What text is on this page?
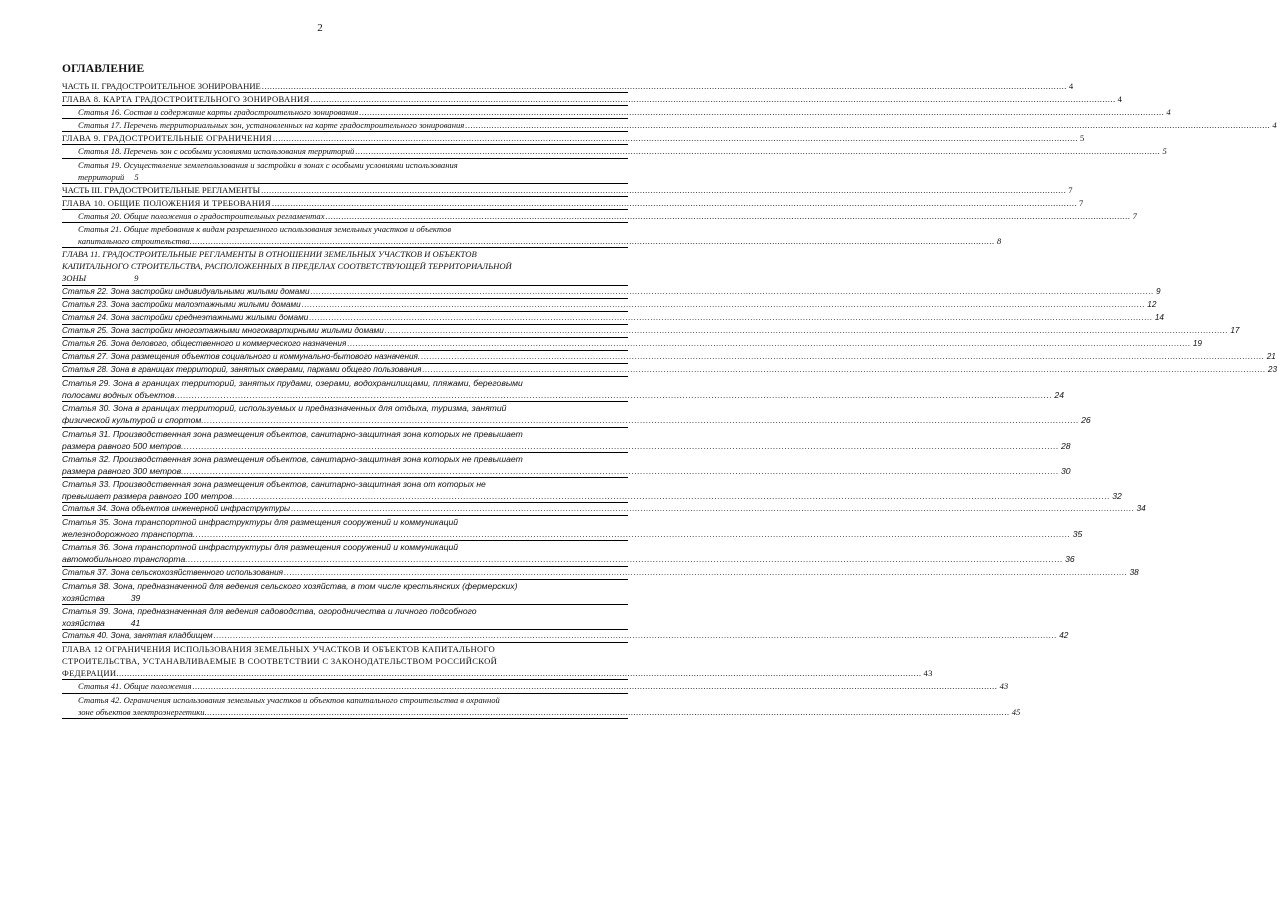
2
ОГЛАВЛЕНИЕ
ЧАСТЬ II. ГРАДОСТРОИТЕЛЬНОЕ ЗОНИРОВАНИЕ .....	4
ГЛАВА 8. КАРТА ГРАДОСТРОИТЕЛЬНОГО ЗОНИРОВАНИЯ .....	4
Статья 16. Состав и содержание карты градостроительного зонирования .....	4
Статья 17. Перечень территориальных зон, установленных на карте градостроительного зонирования .....	4
ГЛАВА 9. ГРАДОСТРОИТЕЛЬНЫЕ ОГРАНИЧЕНИЯ .....	5
Статья 18. Перечень зон с особыми условиями использования территорий .....	5
Статья 19. Осуществление землепользования и застройки в зонах с особыми условиями использования
территорий 5
ЧАСТЬ III. ГРАДОСТРОИТЕЛЬНЫЕ РЕГЛАМЕНТЫ .....	7
ГЛАВА 10. ОБЩИЕ ПОЛОЖЕНИЯ И ТРЕБОВАНИЯ .....	7
Статья 20. Общие положения о градостроительных регламентах .....	7
Статья 21. Общие требования к видам разрешенного использования земельных участков и объектов
капитального строительства .....	8
ГЛАВА 11. ГРАДОСТРОИТЕЛЬНЫЕ РЕГЛАМЕНТЫ В ОТНОШЕНИИ ЗЕМЕЛЬНЫХ УЧАСТКОВ И ОБЪЕКТОВ
КАПИТАЛЬНОГО СТРОИТЕЛЬСТВА, РАСПОЛОЖЕННЫХ В ПРЕДЕЛАХ СООТВЕТСТВУЮЩЕЙ ТЕРРИТОРИАЛЬНОЙ
ЗОНЫ	9
Статья 22. Зона застройки индивидуальными жилыми домами .....	9
Статья 23. Зона застройки малоэтажными жилыми домами .....	12
Статья 24. Зона застройки среднеэтажными жилыми домами .....	14
Статья 25. Зона застройки многоэтажными многоквартирными жилыми домами .....	17
Статья 26. Зона делового, общественного и коммерческого назначения .....	19
Статья 27. Зона размещения объектов социального и коммунально-бытового назначения. .....	21
Статья 28. Зона в границах территорий, занятых скверами, парками общего пользования .....	23
Статья 29. Зона в границах территорий, занятых прудами, озерами, водохранилищами, пляжами, береговыми
полосами водных объектов .....	24
Статья 30. Зона в границах территорий, используемых и предназначенных для отдыха, туризма, занятий
физической культурой и спортом .....	26
Статья 31. Производственная зона размещения объектов, санитарно-защитная зона которых не превышает
размера равного 500 метров .....	28
Статья 32. Производственная зона размещения объектов, санитарно-защитная зона которых не превышает
размера равного 300 метров .....	30
Статья 33. Производственная зона размещения объектов, санитарно-защитная зона от которых не
превышает размера равного 100 метров .....	32
Статья 34. Зона объектов инженерной инфраструктуры .....	34
Статья 35. Зона транспортной инфраструктуры для размещения сооружений и коммуникаций
железнодорожного транспорта .....	35
Статья 36. Зона транспортной инфраструктуры для размещения сооружений и коммуникаций
автомобильного транспорта .....	36
Статья 37. Зона сельскохозяйственного использования .....	38
Статья 38. Зона, предназначенной для ведения сельского хозяйства, в том числе крестьянских (фермерских)
хозяйства	39
Статья 39. Зона, предназначенная для ведения садоводства, огородничества и личного подсобного
хозяйства	41
Статья 40. Зона, занятая кладбищем .....	42
ГЛАВА 12 ОГРАНИЧЕНИЯ ИСПОЛЬЗОВАНИЯ ЗЕМЕЛЬНЫХ УЧАСТКОВ И ОБЪЕКТОВ КАПИТАЛЬНОГО
СТРОИТЕЛЬСТВА, УСТАНАВЛИВАЕМЫЕ В СООТВЕТСТВИИ С ЗАКОНОДАТЕЛЬСТВОМ РОССИЙСКОЙ
ФЕДЕРАЦИИ .....	43
Статья 41. Общие положения .....	43
Статья 42. Ограничения использования земельных участков и объектов капитального строительства в охранной
зоне объектов электроэнергетики .....	45
